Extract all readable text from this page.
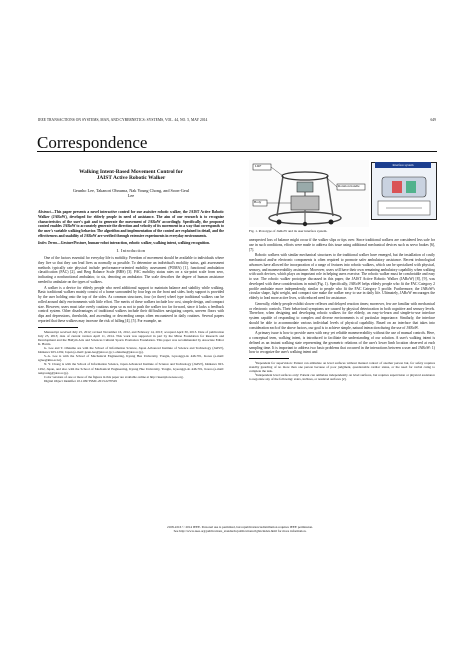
IEEE TRANSACTIONS ON SYSTEMS, MAN, AND CYBERNETICS: SYSTEMS, VOL. 44, NO. 5, MAY 2014	649
Correspondence
Walking Intent-Based Movement Control for
JAIST Active Robotic Walker
Geunho Lee, Takanori Ohnuma, Nak Young Chong, and Soon-Geul
Lee
Abstract—This paper presents a novel interactive control for our assistive robotic walker, the JAIST Active Robotic Walker (JARoW), developed for elderly people in need of assistance. The aim of our research is to recognize characteristics of the user's gait and to generate the movement of JARoW accordingly. Specifically, the proposed control enables JARoW to accurately generate the direction and velocity of its movement in a way that corresponds to the user's variable walking behavior. The algorithm and implementation of the control are explained in detail, and the effectiveness and usability of JARoW are verified through extensive experiments in everyday environments.
Index Terms—Gesture/Posture, human-robot interaction, robotic walker, walking intent, walking recognition.
I. Introduction

One of the factors essential for everyday life is mobility. Freedom of movement should be available to individuals where they live so that they can lead lives as normally as possible. To determine an individual's mobility status, gait assessment methods typically rate physical include performance-oriented mobility assessment (POMA) [1], functional ambulation classification (FAC) [2], and Berg Balance Scale (BBS) [3]. FAC mobility status rates on a six-point scale from zero, indicating a nonfunctional ambulator, to six, denoting an ambulator. The scale describes the degree of human assistance needed to ambulate on the types of walkers.

A walker is a device for elderly people who need additional support to maintain balance and stability while walking. Basic traditional walkers mainly consist of a frame surrounded by four legs on the front and sides. body support is provided by the user holding onto the top of the sides. As common structures, four (or three) wheel type traditional walkers can be rolled around daily environments with little effort. The merits of these walkers include low cost, simple design, and compact size. However, users must take overly cautious steps so as not to push the walker too far forward, since it lacks a feedback control system. Other disadvantages of traditional walkers include their difficulties navigating carpets, uneven floors with dips and depressions, thresholds, and ascending or descending ramps often encountered in daily routines. Several papers reported that these walkers may increase the risk of falling [4], [5]. For example, an

Manuscript received July 25, 2012; revised November 16, 2012, and February 14, 2013; accepted April 30, 2013. Date of publication July 25, 2013; date of current version April 11, 2014. This work was supported in part by the Mirae Foundation for Research and Development and the Hallym Arts and Sciences Cultural Sports Promotion Foundation. This paper was recommended by Associate Editor K. Harris.
G. Lee and T. Ohnuma are with the School of Information Science, Japan Advanced Institute of Science and Technology (JAIST), Ishikawa 923-1292, Japan (e-mail: geun-lee@jaist.ac.jp; t-ohnuma@jaist.ac.jp).
S.-G. Lee is with the School of Mechanical Engineering, Kyung Hee University, Yongin, Gyeonggi-do 446-701, Korea (e-mail: sglee@khu.ac.kr).
N. Y. Chong is with the School of Information Science, Japan Advanced Institute of Science and Technology (JAIST), Ishikawa 923-1292, Japan, and also with the School of Mechanical Engineering, Kyung Hee University, Yongin, Gyeonggi-do 446-701, Korea (e-mail: nakyoung@jaist.ac.jp).
Color versions of one or more of the figures in this paper are available online at http://ieeexplore.ieee.org.
Digital Object Identifier 10.1109/TSMC.2013.2270529
LRF
Rotation handle
Body
Interface system
Fig. 1. Prototype of JARoW and its user interface system.

unexpected loss of balance might occur if the walker slips or tips over. Since traditional walkers are considered less safe for use in such conditions, efforts were made to address this issue using additional mechanical devices such as servo brakes [6], [7].

Robotic walkers with similar mechanical structures to the traditional walker have emerged, but the installation of costly mechanical and/or electronic components is often required to promote safer ambulatory assistance. Recent technological advances have allowed the incorporation of a range of features into robotic walkers, which can be specialized with physical, sensory, and maneuverability assistance. Moreover, users will have their own remaining ambulatory capability when walking with such devices, which plays an important role in helping users exercise. The robotic walker must be comfortable and easy to use. The robotic walker prototype discussed in this paper, the JAIST Active Robotic Walker (JARoW) [8], [9], was developed with these considerations in mind (Fig. 1). Specifically, JARoW helps elderly people who fit the FAC Category 2 profile ambulate more independently, similar to people who fit the FAC Category 5 profile. Furthermore, the JARoW's circular shape, light weight, and compact size make the walker easy to use in daily life. Ultimately, JARoW encourages the elderly to lead more active lives, with reduced need for assistance.

Generally, elderly people exhibit slower reflexes and delayed reaction times; moreover, few are familiar with mechanical or electronic controls. Their behavioral symptoms are caused by physical deterioration in both cognitive and sensory levels. Therefore, when designing and developing robotic walkers for the elderly, an easy-to-learn and simple-to-use interface system capable of responding to complex and diverse environments is of particular importance. Similarly, the interface should be able to accommodate various individual levels of physical capability. Based on an interface that takes into consideration each of the above factors, our goal is to achieve simple, natural interaction during the use of JARoW.

A primary issue is how to provide users with easy yet reliable maneuverability without the use of manual controls. Here, a conceptual term, walking intent, is introduced to facilitate the understanding of our solution. A user's walking intent is defined as an instant walking state representing the geometric relations of the user's lower limb location observed at each sampling time. It is important to address two basic problems that occurred in the interactions between a user and JARoW: 1) how to recognize the user's walking intent and

¹Dependent for supervision: Patient can ambulate on level surfaces without manual contact of another person but, for safety requires standby guarding of no more than one person because of poor judgment, questionable cardiac status, or the need for verbal cuing to complete the task.
²Independent level surfaces only: Patient can ambulate independently on level surfaces, but requires supervision or physical assistance to negotiate any of the following: stairs, inclines, or nonlevel surfaces [2].
2168-2216 © 2014 IEEE. Personal use is permitted, but republication/redistribution requires IEEE permission.
See http://www.ieee.org/publications_standards/publications/rights/index.html for more information.
